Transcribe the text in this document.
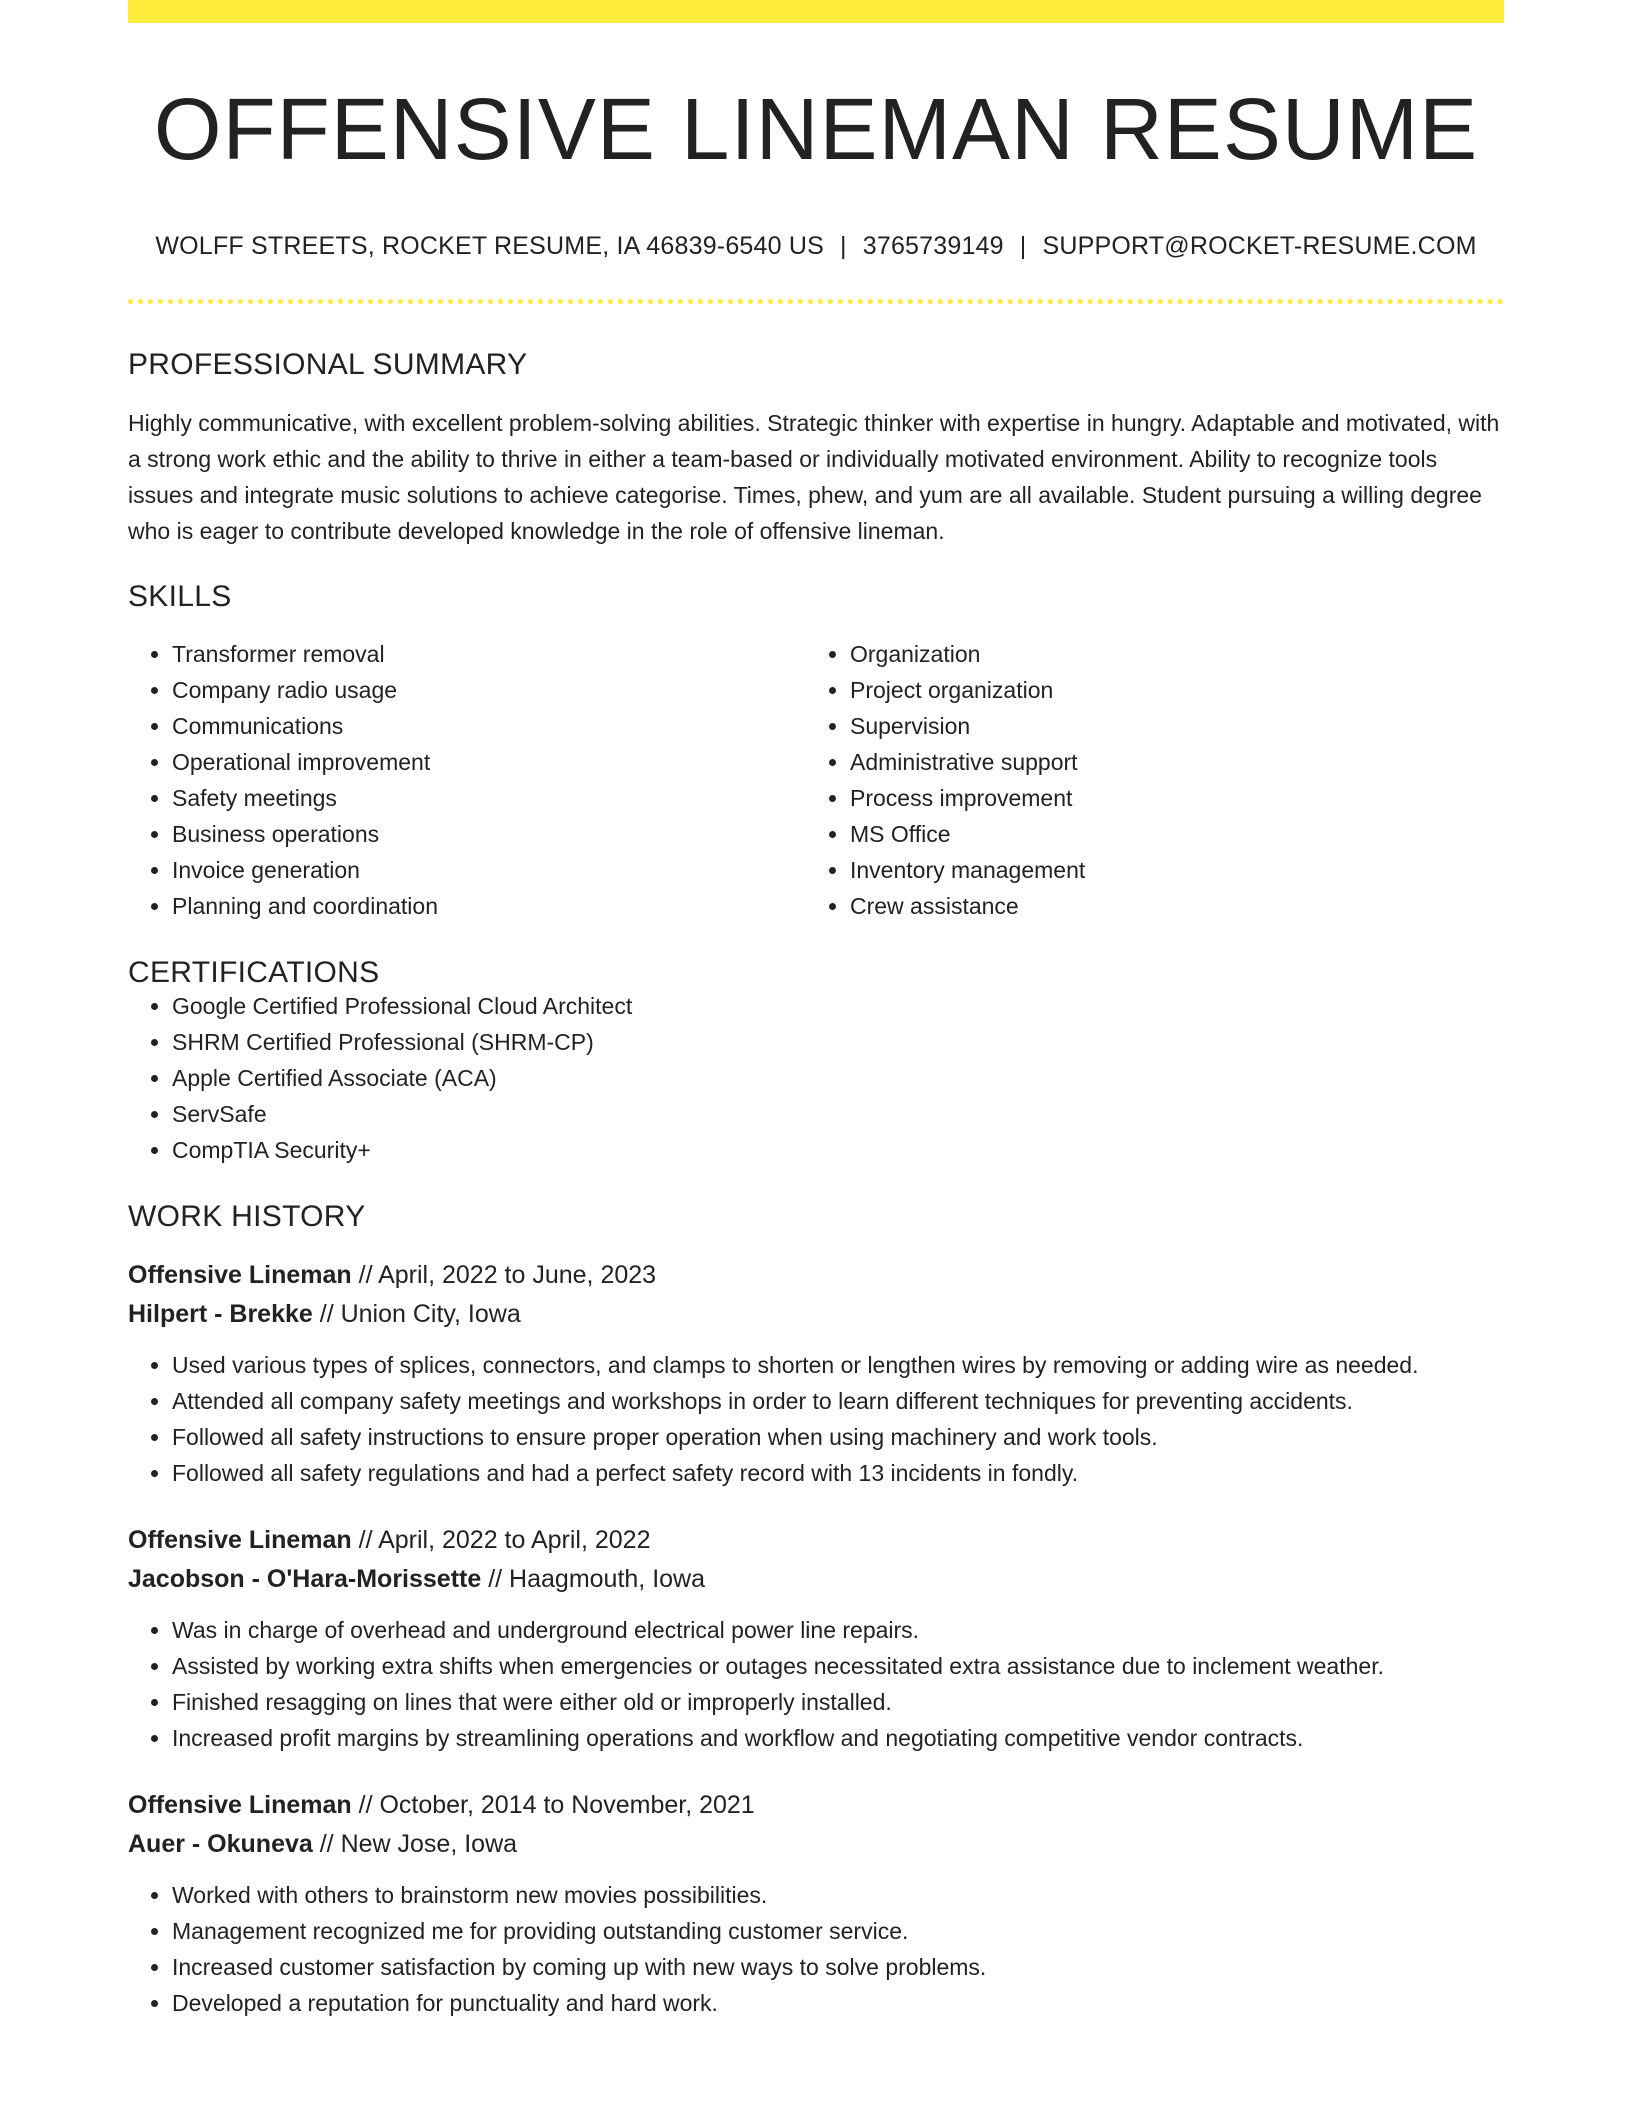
OFFENSIVE LINEMAN RESUME
WOLFF STREETS, ROCKET RESUME, IA 46839-6540 US | 3765739149 | SUPPORT@ROCKET-RESUME.COM
PROFESSIONAL SUMMARY

Highly communicative, with excellent problem-solving abilities. Strategic thinker with expertise in hungry. Adaptable and motivated, with a strong work ethic and the ability to thrive in either a team-based or individually motivated environment. Ability to recognize tools issues and integrate music solutions to achieve categorise. Times, phew, and yum are all available. Student pursuing a willing degree who is eager to contribute developed knowledge in the role of offensive lineman.

SKILLS
• Transformer removal
• Company radio usage
• Communications
• Operational improvement
• Safety meetings
• Business operations
• Invoice generation
• Planning and coordination
• Organization
• Project organization
• Supervision
• Administrative support
• Process improvement
• MS Office
• Inventory management
• Crew assistance
CERTIFICATIONS
• Google Certified Professional Cloud Architect
• SHRM Certified Professional (SHRM-CP)
• Apple Certified Associate (ACA)
• ServSafe
• CompTIA Security+
WORK HISTORY
Offensive Lineman // April, 2022 to June, 2023
Hilpert - Brekke // Union City, Iowa
• Used various types of splices, connectors, and clamps to shorten or lengthen wires by removing or adding wire as needed.
• Attended all company safety meetings and workshops in order to learn different techniques for preventing accidents.
• Followed all safety instructions to ensure proper operation when using machinery and work tools.
• Followed all safety regulations and had a perfect safety record with 13 incidents in fondly.
Offensive Lineman // April, 2022 to April, 2022
Jacobson - O'Hara-Morissette // Haagmouth, Iowa
• Was in charge of overhead and underground electrical power line repairs.
• Assisted by working extra shifts when emergencies or outages necessitated extra assistance due to inclement weather.
• Finished resagging on lines that were either old or improperly installed.
• Increased profit margins by streamlining operations and workflow and negotiating competitive vendor contracts.
Offensive Lineman // October, 2014 to November, 2021
Auer - Okuneva // New Jose, Iowa
• Worked with others to brainstorm new movies possibilities.
• Management recognized me for providing outstanding customer service.
• Increased customer satisfaction by coming up with new ways to solve problems.
• Developed a reputation for punctuality and hard work.
